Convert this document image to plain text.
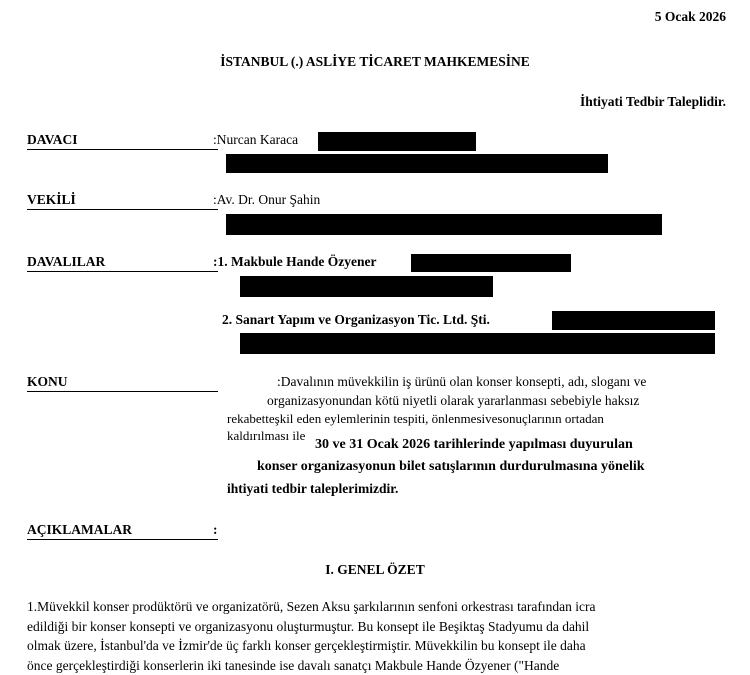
5 Ocak 2026
İSTANBUL (.) ASLİYE TİCARET MAHKEMESİNE
İhtiyati Tedbir Taleplidir.
DAVACI	:Nurcan Karaca
VEKİLİ	:Av. Dr. Onur Şahin
DAVALILAR	:1. Makbule Hande Özyener
2. Sanart Yapım ve Organizasyon Tic. Ltd. Şti.
KONU	:Davalının müvekkilin iş ürünü olan konser konsepti, adı, sloganı ve
organizasyonundan kötü niyetli olarak yararlanması sebebiyle haksız
rekabetteşkil eden eylemlerinin tespiti, önlenmesivesonuçlarının ortadan
kaldırılması ile
30 ve 31 Ocak 2026 tarihlerinde yapılması duyurulan
konser organizasyonun bilet satışlarının durdurulmasına yönelik
ihtiyati tedbir taleplerimizdir.
AÇIKLAMALAR	:
I. GENEL ÖZET
1.Müvekkil konser prodüktörü ve organizatörü, Sezen Aksu şarkılarının senfoni orkestrası tarafından icra
edildiği bir konser konsepti ve organizasyonu oluşturmuştur. Bu konsept ile Beşiktaş Stadyumu da dahil
olmak üzere, İstanbul'da ve İzmir'de üç farklı konser gerçekleştirmiştir. Müvekkilin bu konsept ile daha
önce gerçekleştirdiği konserlerin iki tanesinde ise davalı sanatçı Makbule Hande Özyener ("Hande
